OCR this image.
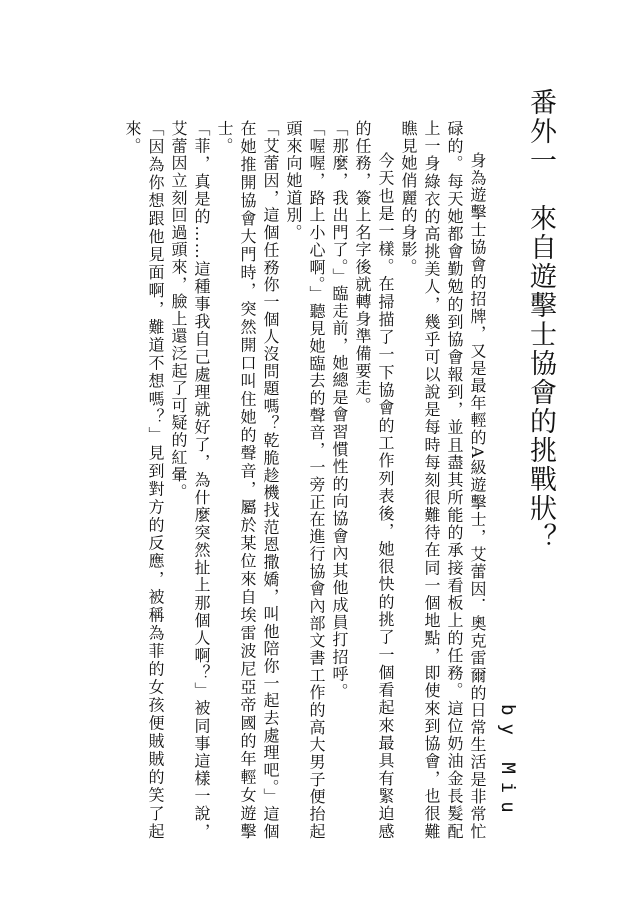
番外一　來自遊擊士協會的挑戰狀？
by Miu

身為遊擊士協會的招牌，又是最年輕的A級遊擊士，艾蕾因．奧克雷爾的日常生活是非常忙碌的。每天她都會勤勉的到協會報到，並且盡其所能的承接看板上的任務。這位奶油金長髮配上一身綠衣的高挑美人，幾乎可以說是每時每刻很難待在同一個地點，即使來到協會，也很難瞧見她俏麗的身影。

今天也是一樣。在掃描了一下協會的工作列表後，她很快的挑了一個看起來最具有緊迫感的任務，簽上名字後就轉身準備要走。

「那麼，我出門了。」臨走前，她總是會習慣性的向協會內其他成員打招呼。

「喔喔，路上小心啊。」聽見她臨去的聲音，一旁正在進行協會內部文書工作的高大男子便抬起頭來向她道別。

「艾蕾因，這個任務你一個人沒問題嗎？乾脆趁機找范恩撒嬌，叫他陪你一起去處理吧。」這個在她推開協會大門時，突然開口叫住她的聲音，屬於某位來自埃雷波尼亞帝國的年輕女遊擊士。

「菲，真是的……這種事我自己處理就好了，為什麼突然扯上那個人啊？」被同事這樣一說，艾蕾因立刻回過頭來，臉上還泛起了可疑的紅暈。

「因為你想跟他見面啊，難道不想嗎？」見到對方的反應，被稱為菲的女孩便賊賊的笑了起來。
